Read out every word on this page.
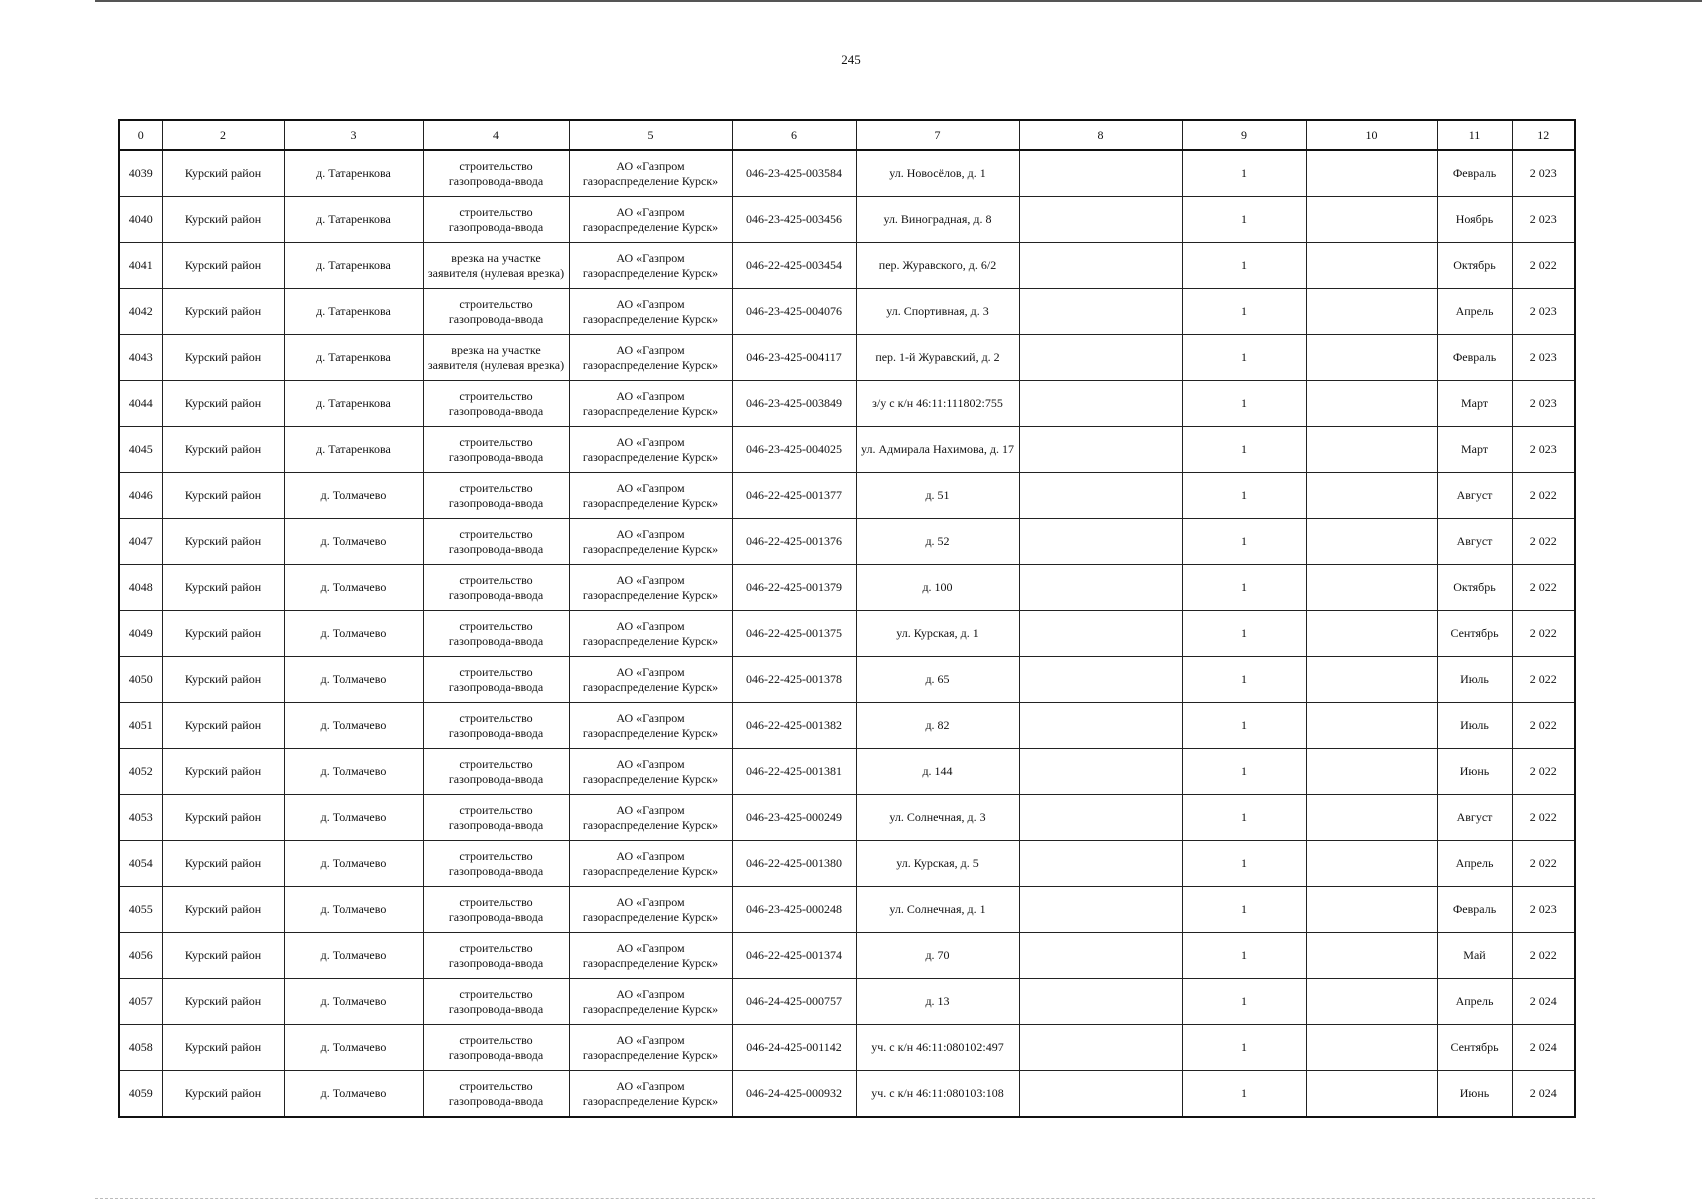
245
0	2	3	4	5	6	7	8	9	10	11	12
4039	Курский район	д. Татаренкова	строительство газопровода-ввода	АО «Газпром газораспределение Курск»	046-23-425-003584	ул. Новосёлов, д. 1		1		Февраль	2 023
4040	Курский район	д. Татаренкова	строительство газопровода-ввода	АО «Газпром газораспределение Курск»	046-23-425-003456	ул. Виноградная, д. 8		1		Ноябрь	2 023
4041	Курский район	д. Татаренкова	врезка на участке заявителя (нулевая врезка)	АО «Газпром газораспределение Курск»	046-22-425-003454	пер. Журавского, д. 6/2		1		Октябрь	2 022
4042	Курский район	д. Татаренкова	строительство газопровода-ввода	АО «Газпром газораспределение Курск»	046-23-425-004076	ул. Спортивная, д. 3		1		Апрель	2 023
4043	Курский район	д. Татаренкова	врезка на участке заявителя (нулевая врезка)	АО «Газпром газораспределение Курск»	046-23-425-004117	пер. 1-й Журавский, д. 2		1		Февраль	2 023
4044	Курский район	д. Татаренкова	строительство газопровода-ввода	АО «Газпром газораспределение Курск»	046-23-425-003849	з/у с к/н 46:11:111802:755		1		Март	2 023
4045	Курский район	д. Татаренкова	строительство газопровода-ввода	АО «Газпром газораспределение Курск»	046-23-425-004025	ул. Адмирала Нахимова, д. 17		1		Март	2 023
4046	Курский район	д. Толмачево	строительство газопровода-ввода	АО «Газпром газораспределение Курск»	046-22-425-001377	д. 51		1		Август	2 022
4047	Курский район	д. Толмачево	строительство газопровода-ввода	АО «Газпром газораспределение Курск»	046-22-425-001376	д. 52		1		Август	2 022
4048	Курский район	д. Толмачево	строительство газопровода-ввода	АО «Газпром газораспределение Курск»	046-22-425-001379	д. 100		1		Октябрь	2 022
4049	Курский район	д. Толмачево	строительство газопровода-ввода	АО «Газпром газораспределение Курск»	046-22-425-001375	ул. Курская, д. 1		1		Сентябрь	2 022
4050	Курский район	д. Толмачево	строительство газопровода-ввода	АО «Газпром газораспределение Курск»	046-22-425-001378	д. 65		1		Июль	2 022
4051	Курский район	д. Толмачево	строительство газопровода-ввода	АО «Газпром газораспределение Курск»	046-22-425-001382	д. 82		1		Июль	2 022
4052	Курский район	д. Толмачево	строительство газопровода-ввода	АО «Газпром газораспределение Курск»	046-22-425-001381	д. 144		1		Июнь	2 022
4053	Курский район	д. Толмачево	строительство газопровода-ввода	АО «Газпром газораспределение Курск»	046-23-425-000249	ул. Солнечная, д. 3		1		Август	2 022
4054	Курский район	д. Толмачево	строительство газопровода-ввода	АО «Газпром газораспределение Курск»	046-22-425-001380	ул. Курская, д. 5		1		Апрель	2 022
4055	Курский район	д. Толмачево	строительство газопровода-ввода	АО «Газпром газораспределение Курск»	046-23-425-000248	ул. Солнечная, д. 1		1		Февраль	2 023
4056	Курский район	д. Толмачево	строительство газопровода-ввода	АО «Газпром газораспределение Курск»	046-22-425-001374	д. 70		1		Май	2 022
4057	Курский район	д. Толмачево	строительство газопровода-ввода	АО «Газпром газораспределение Курск»	046-24-425-000757	д. 13		1		Апрель	2 024
4058	Курский район	д. Толмачево	строительство газопровода-ввода	АО «Газпром газораспределение Курск»	046-24-425-001142	уч. с к/н 46:11:080102:497		1		Сентябрь	2 024
4059	Курский район	д. Толмачево	строительство газопровода-ввода	АО «Газпром газораспределение Курск»	046-24-425-000932	уч. с к/н 46:11:080103:108		1		Июнь	2 024
